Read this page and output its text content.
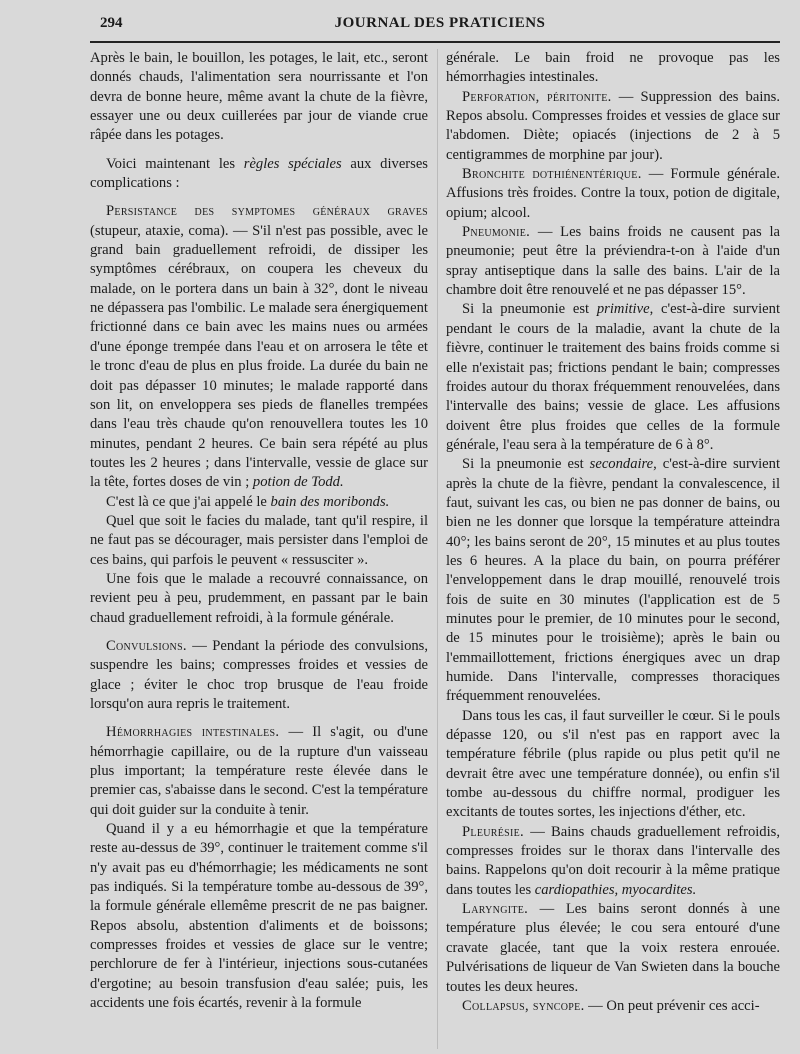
294	JOURNAL DES PRATICIENS

Après le bain, le bouillon, les potages, le lait, etc., seront donnés chauds, l'alimentation sera nourrissante et l'on devra de bonne heure, même avant la chute de la fièvre, essayer une ou deux cuillerées par jour de viande crue râpée dans les potages.

Voici maintenant les règles spéciales aux diverses complications :

Persistance des symptomes généraux graves (stupeur, ataxie, coma). — S'il n'est pas possible, avec le grand bain graduellement refroidi, de dissiper les symptômes cérébraux, on coupera les cheveux du malade, on le portera dans un bain à 32°, dont le niveau ne dépassera pas l'ombilic. Le malade sera énergiquement frictionné dans ce bain avec les mains nues ou armées d'une éponge trempée dans l'eau et on arrosera le tête et le tronc d'eau de plus en plus froide. La durée du bain ne doit pas dépasser 10 minutes; le malade rapporté dans son lit, on enveloppera ses pieds de flanelles trempées dans l'eau très chaude qu'on renouvellera toutes les 10 minutes, pendant 2 heures. Ce bain sera répété au plus toutes les 2 heures ; dans l'intervalle, vessie de glace sur la tête, fortes doses de vin ; potion de Todd.

C'est là ce que j'ai appelé le bain des moribonds.

Quel que soit le facies du malade, tant qu'il respire, il ne faut pas se décourager, mais persister dans l'emploi de ces bains, qui parfois le peuvent « ressusciter ».

Une fois que le malade a recouvré connaissance, on revient peu à peu, prudemment, en passant par le bain chaud graduellement refroidi, à la formule générale.

Convulsions. — Pendant la période des convulsions, suspendre les bains; compresses froides et vessies de glace ; éviter le choc trop brusque de l'eau froide lorsqu'on aura repris le traitement.

Hémorrhagies intestinales. — Il s'agit, ou d'une hémorrhagie capillaire, ou de la rupture d'un vaisseau plus important; la température reste élevée dans le premier cas, s'abaisse dans le second. C'est la température qui doit guider sur la conduite à tenir.

Quand il y a eu hémorrhagie et que la température reste au-dessus de 39°, continuer le traitement comme s'il n'y avait pas eu d'hémorrhagie; les médicaments ne sont pas indiqués. Si la température tombe au-dessous de 39°, la formule générale ellemême prescrit de ne pas baigner. Repos absolu, abstention d'aliments et de boissons; compresses froides et vessies de glace sur le ventre; perchlorure de fer à l'intérieur, injections sous-cutanées d'ergotine; au besoin transfusion d'eau salée; puis, les accidents une fois écartés, revenir à la formule

générale. Le bain froid ne provoque pas les hémorrhagies intestinales.

Perforation, péritonite. — Suppression des bains. Repos absolu. Compresses froides et vessies de glace sur l'abdomen. Diète; opiacés (injections de 2 à 5 centigrammes de morphine par jour).

Bronchite dothiénentérique. — Formule générale. Affusions très froides. Contre la toux, potion de digitale, opium; alcool.

Pneumonie. — Les bains froids ne causent pas la pneumonie; peut être la préviendra-t-on à l'aide d'un spray antiseptique dans la salle des bains. L'air de la chambre doit être renouvelé et ne pas dépasser 15°.

Si la pneumonie est primitive, c'est-à-dire survient pendant le cours de la maladie, avant la chute de la fièvre, continuer le traitement des bains froids comme si elle n'existait pas; frictions pendant le bain; compresses froides autour du thorax fréquemment renouvelées, dans l'intervalle des bains; vessie de glace. Les affusions doivent être plus froides que celles de la formule générale, l'eau sera à la température de 6 à 8°.

Si la pneumonie est secondaire, c'est-à-dire survient après la chute de la fièvre, pendant la convalescence, il faut, suivant les cas, ou bien ne pas donner de bains, ou bien ne les donner que lorsque la température atteindra 40°; les bains seront de 20°, 15 minutes et au plus toutes les 6 heures. A la place du bain, on pourra préférer l'enveloppement dans le drap mouillé, renouvelé trois fois de suite en 30 minutes (l'application est de 5 minutes pour le premier, de 10 minutes pour le second, de 15 minutes pour le troisième); après le bain ou l'emmaillottement, frictions énergiques avec un drap humide. Dans l'intervalle, compresses thoraciques fréquemment renouvelées.

Dans tous les cas, il faut surveiller le cœur. Si le pouls dépasse 120, ou s'il n'est pas en rapport avec la température fébrile (plus rapide ou plus petit qu'il ne devrait être avec une température donnée), ou enfin s'il tombe au-dessous du chiffre normal, prodiguer les excitants de toutes sortes, les injections d'éther, etc.

Pleurésie. — Bains chauds graduellement refroidis, compresses froides sur le thorax dans l'intervalle des bains. Rappelons qu'on doit recourir à la même pratique dans toutes les cardiopathies, myocardites.

Laryngite. — Les bains seront donnés à une température plus élevée; le cou sera entouré d'une cravate glacée, tant que la voix restera enrouée. Pulvérisations de liqueur de Van Swieten dans la bouche toutes les deux heures.

Collapsus, syncope. — On peut prévenir ces acci-
